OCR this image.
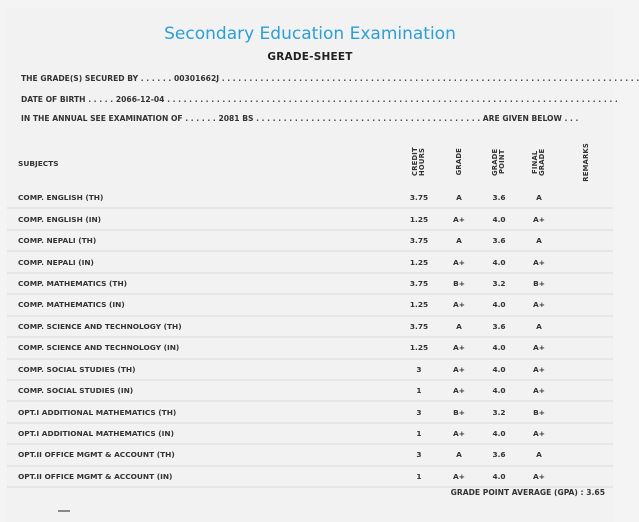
Secondary Education Examination
GRADE-SHEET
THE GRADE(S) SECURED BY . . . . . . 00301662J . . . . . . . . . . . . . . . . . . . . . . . . . . . . . . . . . . . . . . . . . . . . . . . . . . . . . . . . . . . . . . . . . . . . . . . . . . . .
DATE OF BIRTH . . . . . 2066-12-04 . . . . . . . . . . . . . . . . . . . . . . . . . . . . . . . . . . . . . . . . . . . . . . . . . . . . . . . . . . . . . . . . . . . . . . . . . . . . . . . . . .
IN THE ANNUAL SEE EXAMINATION OF . . . . . . 2081 BS . . . . . . . . . . . . . . . . . . . . . . . . . . . . . . . . . . . . . . . . . ARE GIVEN BELOW . . .
SUBJECTS	CREDIT HOURS	GRADE	GRADE POINT	FINAL GRADE	REMARKS
COMP. ENGLISH (TH)	3.75	A	3.6	A	
COMP. ENGLISH (IN)	1.25	A+	4.0	A+	
COMP. NEPALI (TH)	3.75	A	3.6	A	
COMP. NEPALI (IN)	1.25	A+	4.0	A+	
COMP. MATHEMATICS (TH)	3.75	B+	3.2	B+	
COMP. MATHEMATICS (IN)	1.25	A+	4.0	A+	
COMP. SCIENCE AND TECHNOLOGY (TH)	3.75	A	3.6	A	
COMP. SCIENCE AND TECHNOLOGY (IN)	1.25	A+	4.0	A+	
COMP. SOCIAL STUDIES (TH)	3	A+	4.0	A+	
COMP. SOCIAL STUDIES (IN)	1	A+	4.0	A+	
OPT.I ADDITIONAL MATHEMATICS (TH)	3	B+	3.2	B+	
OPT.I ADDITIONAL MATHEMATICS (IN)	1	A+	4.0	A+	
OPT.II OFFICE MGMT & ACCOUNT (TH)	3	A	3.6	A	
OPT.II OFFICE MGMT & ACCOUNT (IN)	1	A+	4.0	A+	
GRADE POINT AVERAGE (GPA) : 3.65
